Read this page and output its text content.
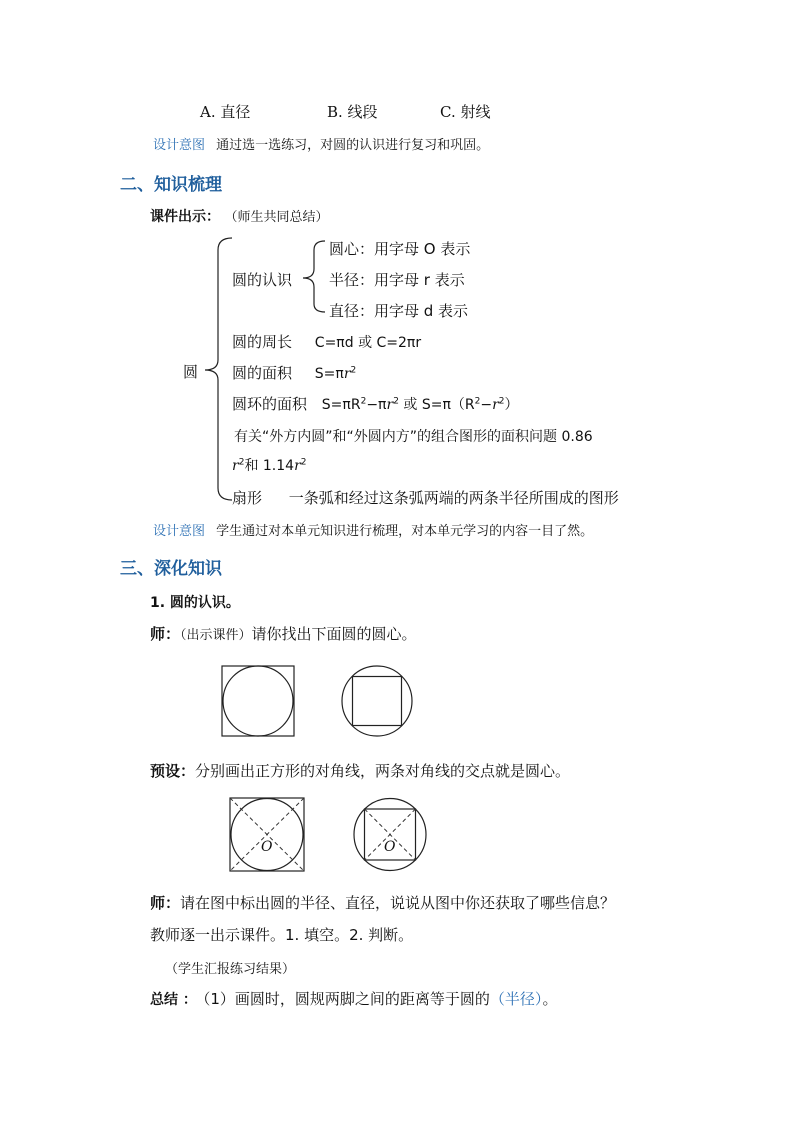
A. 直径	B. 线段	C. 射线
设计意图 通过选一选练习，对圆的认识进行复习和巩固。
二、知识梳理
课件出示： （师生共同总结）
圆
圆的认识
圆心：用字母 O 表示
半径：用字母 r 表示
直径：用字母 d 表示
圆的周长 C=πd 或 C=2πr
圆的面积 $S=\pi r^2$
圆环的面积 $S=\pi R^2-\pi r^2$ 或 $S=\pi(R^2-r^2)$
有关“外方内圆”和“外圆内方”的组合图形的面积问题 0.86
$r^2$和 $1.14r^2$
扇形 一条弧和经过这条弧两端的两条半径所围成的图形
设计意图 学生通过对本单元知识进行梳理，对本单元学习的内容一目了然。
三、深化知识
1. 圆的认识。
师：（出示课件）请你找出下面圆的圆心。
预设：分别画出正方形的对角线，两条对角线的交点就是圆心。
O	O
师：请在图中标出圆的半径、直径，说说从图中你还获取了哪些信息？
教师逐一出示课件。1. 填空。2. 判断。
（学生汇报练习结果）
总结 ： （1）画圆时，圆规两脚之间的距离等于圆的（半径）。
